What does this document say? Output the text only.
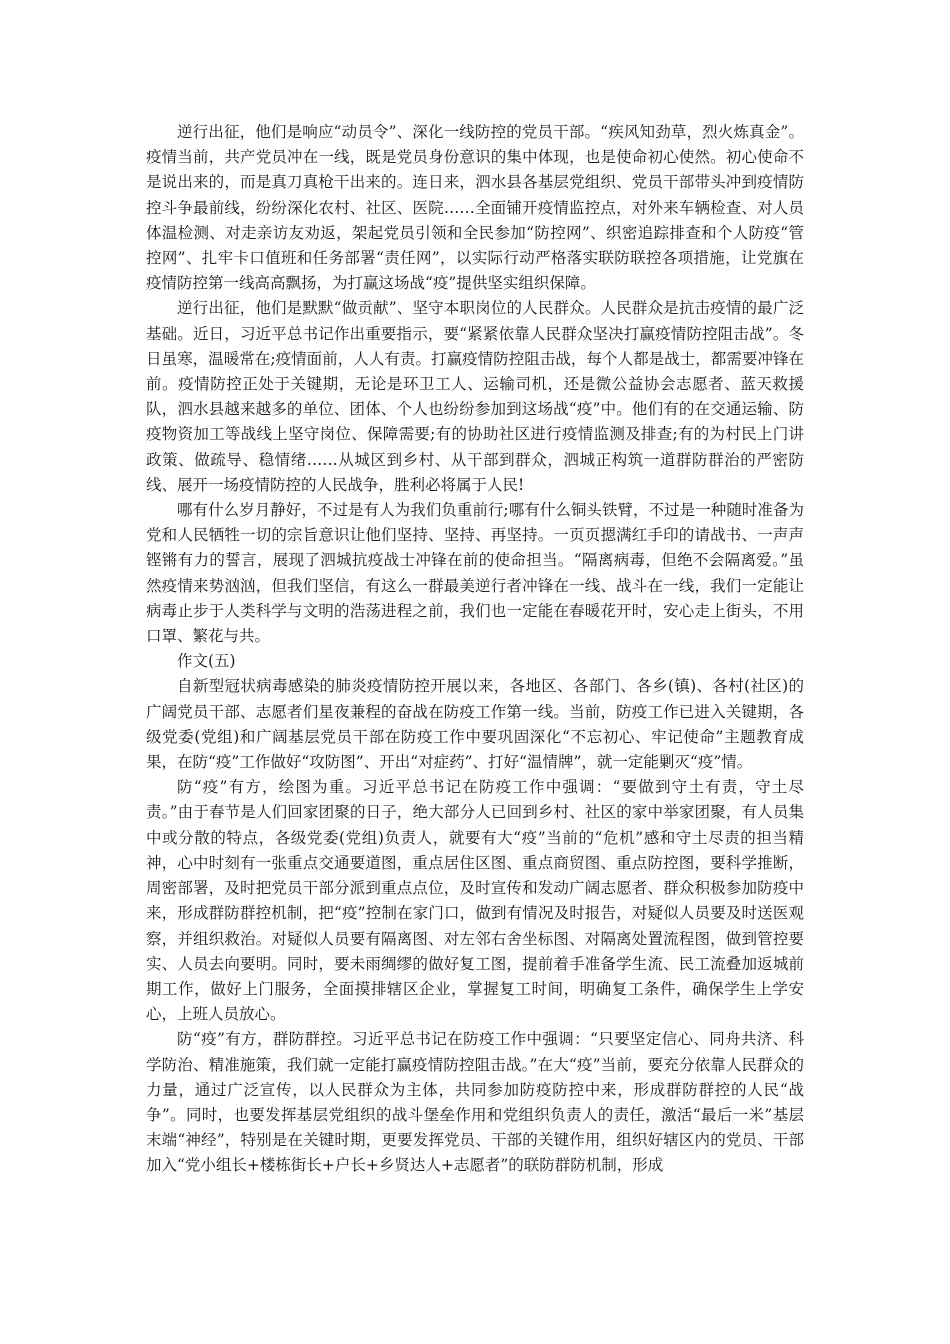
逆行出征，他们是响应“动员令”、深化一线防控的党员干部。“疾风知劲草，烈火炼真金”。疫情当前，共产党员冲在一线，既是党员身份意识的集中体现，也是使命初心使然。初心使命不是说出来的，而是真刀真枪干出来的。连日来，泗水县各基层党组织、党员干部带头冲到疫情防控斗争最前线，纷纷深化农村、社区、医院……全面铺开疫情监控点，对外来车辆检查、对人员体温检测、对走亲访友劝返，架起党员引领和全民参加“防控网”、织密追踪排查和个人防疫“管控网”、扎牢卡口值班和任务部署“责任网”，以实际行动严格落实联防联控各项措施，让党旗在疫情防控第一线高高飘扬，为打赢这场战“疫”提供坚实组织保障。

逆行出征，他们是默默“做贡献”、坚守本职岗位的人民群众。人民群众是抗击疫情的最广泛基础。近日，习近平总书记作出重要指示，要“紧紧依靠人民群众坚决打赢疫情防控阻击战”。冬日虽寒，温暖常在;疫情面前，人人有责。打赢疫情防控阻击战，每个人都是战士，都需要冲锋在前。疫情防控正处于关键期，无论是环卫工人、运输司机，还是微公益协会志愿者、蓝天救援队，泗水县越来越多的单位、团体、个人也纷纷参加到这场战“疫”中。他们有的在交通运输、防疫物资加工等战线上坚守岗位、保障需要;有的协助社区进行疫情监测及排查;有的为村民上门讲政策、做疏导、稳情绪……从城区到乡村、从干部到群众，泗城正构筑一道群防群治的严密防线、展开一场疫情防控的人民战争，胜利必将属于人民!

哪有什么岁月静好，不过是有人为我们负重前行;哪有什么铜头铁臂，不过是一种随时准备为党和人民牺牲一切的宗旨意识让他们坚持、坚持、再坚持。一页页摁满红手印的请战书、一声声铿锵有力的誓言，展现了泗城抗疫战士冲锋在前的使命担当。“隔离病毒，但绝不会隔离爱。”虽然疫情来势汹汹，但我们坚信，有这么一群最美逆行者冲锋在一线、战斗在一线，我们一定能让病毒止步于人类科学与文明的浩荡进程之前，我们也一定能在春暖花开时，安心走上街头，不用口罩、繁花与共。

作文(五)

自新型冠状病毒感染的肺炎疫情防控开展以来，各地区、各部门、各乡(镇)、各村(社区)的广阔党员干部、志愿者们星夜兼程的奋战在防疫工作第一线。当前，防疫工作已进入关键期，各级党委(党组)和广阔基层党员干部在防疫工作中要巩固深化“不忘初心、牢记使命”主题教育成果，在防“疫”工作做好“攻防图”、开出“对症药”、打好“温情牌”，就一定能剿灭“疫”情。

防“疫”有方，绘图为重。习近平总书记在防疫工作中强调：“要做到守土有责，守土尽责。”由于春节是人们回家团聚的日子，绝大部分人已回到乡村、社区的家中举家团聚，有人员集中或分散的特点，各级党委(党组)负责人，就要有大“疫”当前的“危机”感和守土尽责的担当精神，心中时刻有一张重点交通要道图，重点居住区图、重点商贸图、重点防控图，要科学推断，周密部署，及时把党员干部分派到重点点位，及时宣传和发动广阔志愿者、群众积极参加防疫中来，形成群防群控机制，把“疫”控制在家门口，做到有情况及时报告，对疑似人员要及时送医观察，并组织救治。对疑似人员要有隔离图、对左邻右舍坐标图、对隔离处置流程图，做到管控要实、人员去向要明。同时，要未雨绸缪的做好复工图，提前着手准备学生流、民工流叠加返城前期工作，做好上门服务，全面摸排辖区企业，掌握复工时间，明确复工条件，确保学生上学安心，上班人员放心。

防“疫”有方，群防群控。习近平总书记在防疫工作中强调：“只要坚定信心、同舟共济、科学防治、精准施策，我们就一定能打赢疫情防控阻击战。”在大“疫”当前，要充分依靠人民群众的力量，通过广泛宣传，以人民群众为主体，共同参加防疫防控中来，形成群防群控的人民“战争”。同时，也要发挥基层党组织的战斗堡垒作用和党组织负责人的责任，激活“最后一米”基层末端“神经”，特别是在关键时期，更要发挥党员、干部的关键作用，组织好辖区内的党员、干部加入“党小组长+楼栋街长+户长+乡贤达人+志愿者”的联防群防机制，形成
